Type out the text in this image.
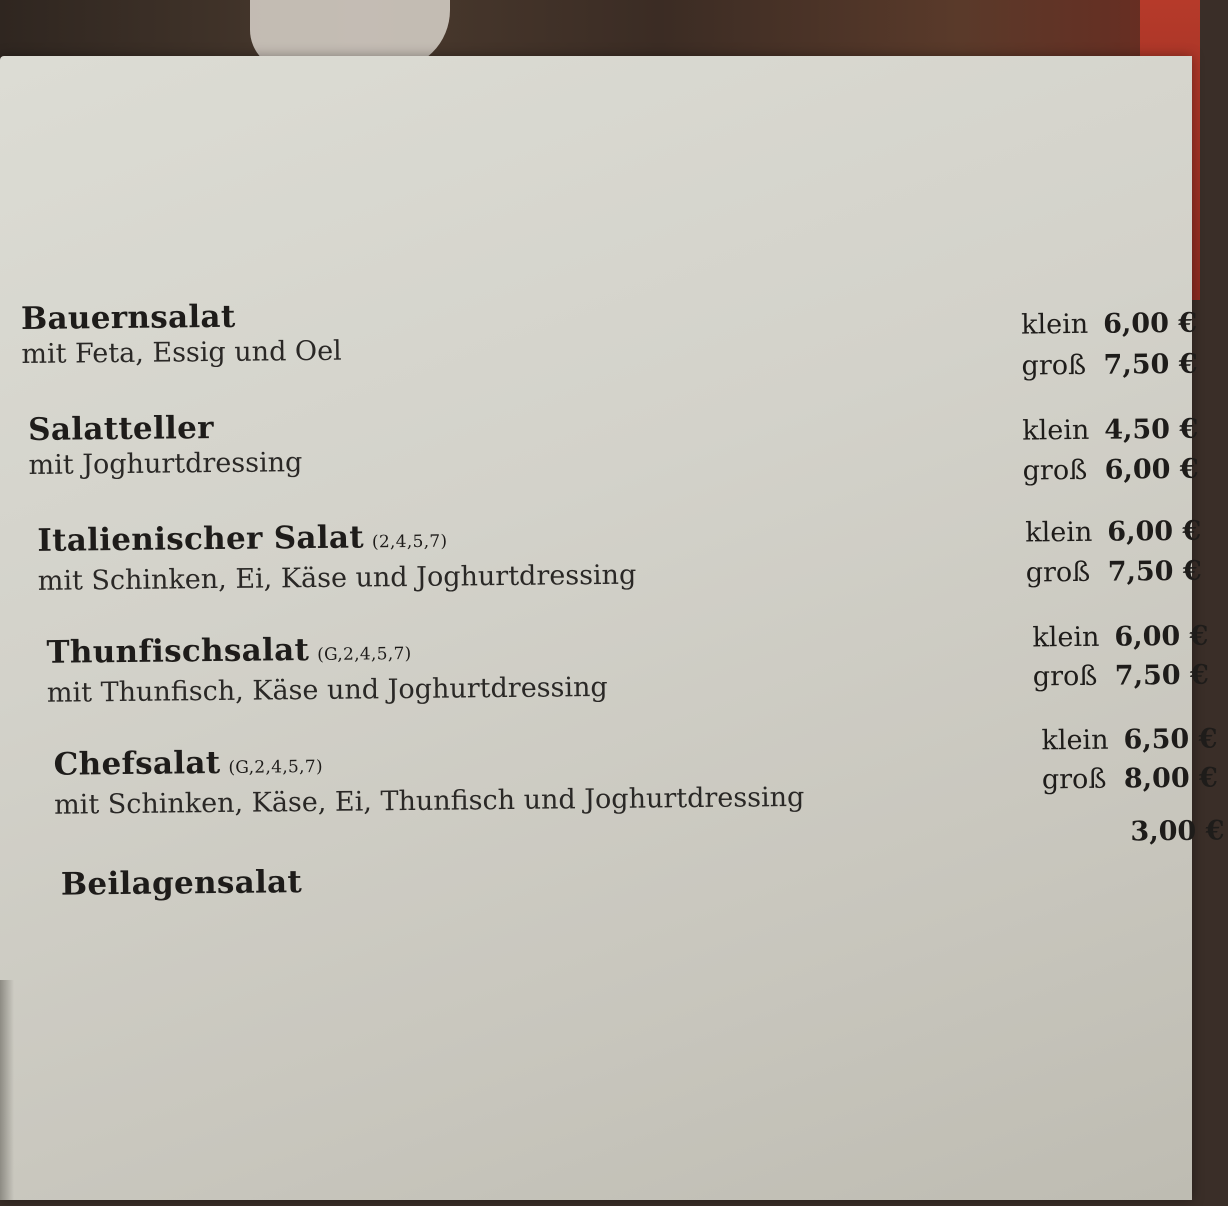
Bauernsalat
mit Feta, Essig und Oel
klein 6,00 €
groß 7,50 €
Salatteller
mit Joghurtdressing
klein 4,50 €
groß 6,00 €
Italienischer Salat (2,4,5,7)
mit Schinken, Ei, Käse und Joghurtdressing
klein 6,00 €
groß 7,50 €
Thunfischsalat (G,2,4,5,7)
mit Thunfisch, Käse und Joghurtdressing
klein 6,00 €
groß 7,50 €
Chefsalat (G,2,4,5,7)
mit Schinken, Käse, Ei, Thunfisch und Joghurtdressing
klein 6,50 €
groß 8,00 €
Beilagensalat
3,00 €
